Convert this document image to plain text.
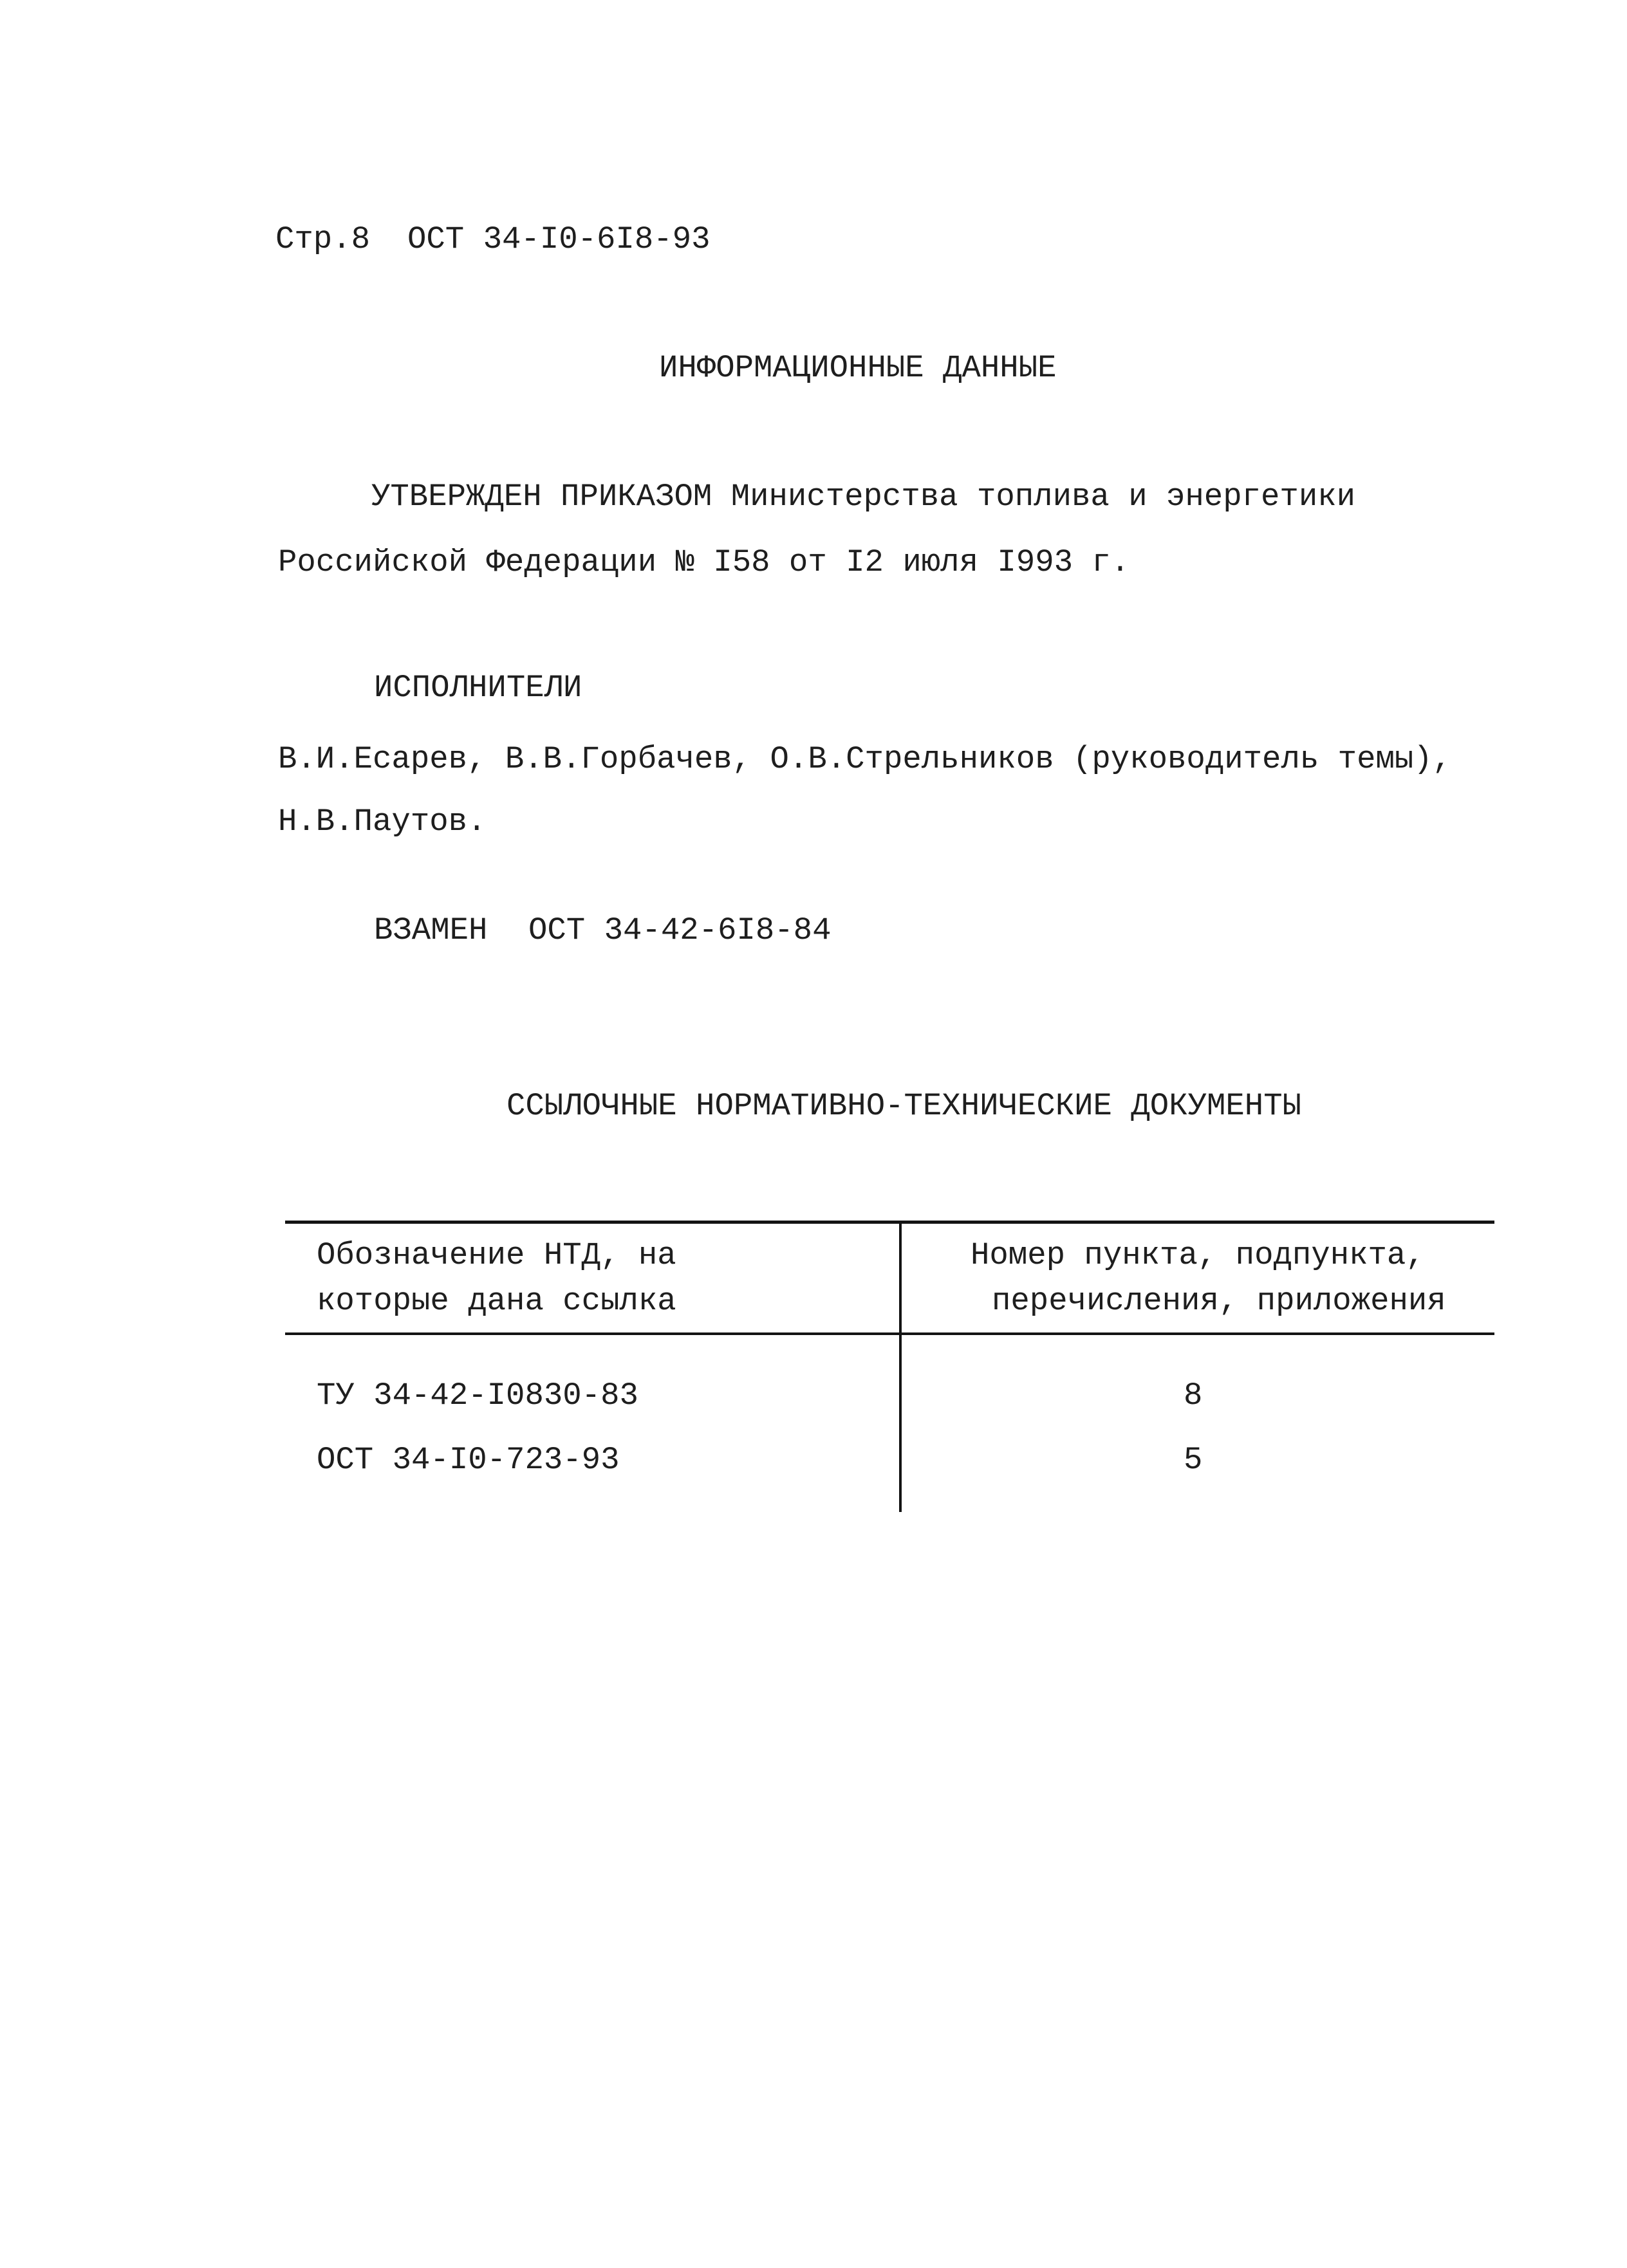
Стр.8 ОСТ 34-I0-6I8-93
ИНФОРМАЦИОННЫЕ ДАННЫЕ
УТВЕРЖДЕН ПРИКАЗОМ Министерства топлива и энергетики
Российской Федерации № I58 от I2 июля I993 г.
ИСПОЛНИТЕЛИ
В.И.Есарев, В.В.Горбачев, О.В.Стрельников (руководитель темы),
Н.В.Паутов.
ВЗАМЕН ОСТ 34-42-6I8-84
ССЫЛОЧНЫЕ НОРМАТИВНО-ТЕХНИЧЕСКИЕ ДОКУМЕНТЫ
Обозначение НТД, на
которые дана ссылка
Номер пункта, подпункта,
перечисления, приложения
ТУ 34-42-I0830-83	8
ОСТ 34-I0-723-93	5
